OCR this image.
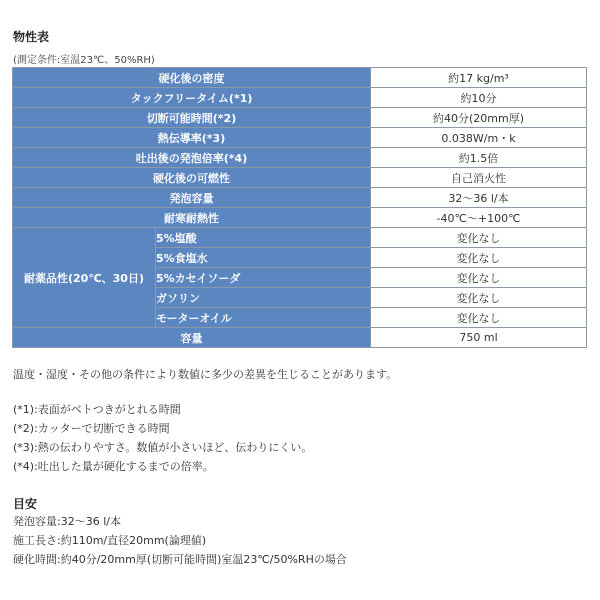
物性表
(測定条件:室温23℃、50%RH)
硬化後の密度		約17 kg/m³
タックフリータイム(*1)		約10分
切断可能時間(*2)		約40分(20mm厚)
熱伝導率(*3)		0.038W/m・k
吐出後の発泡倍率(*4)		約1.5倍
硬化後の可燃性		自己消火性
発泡容量		32～36 l/本
耐寒耐熱性		-40℃～+100℃
耐薬品性(20℃、30日)	5%塩酸	変化なし
	5%食塩水	変化なし
	5%カセイソーダ	変化なし
	ガソリン	変化なし
	モーターオイル	変化なし
容量		750 ml
温度・湿度・その他の条件により数値に多少の差異を生じることがあります。
(*1):表面がベトつきがとれる時間
(*2):カッターで切断できる時間
(*3):熱の伝わりやすさ。数値が小さいほど、伝わりにくい。
(*4):吐出した量が硬化するまでの倍率。
目安
発泡容量:32～36 l/本
施工長さ:約110m/直径20mm(論理値)
硬化時間:約40分/20mm厚(切断可能時間)室温23℃/50%RHの場合
